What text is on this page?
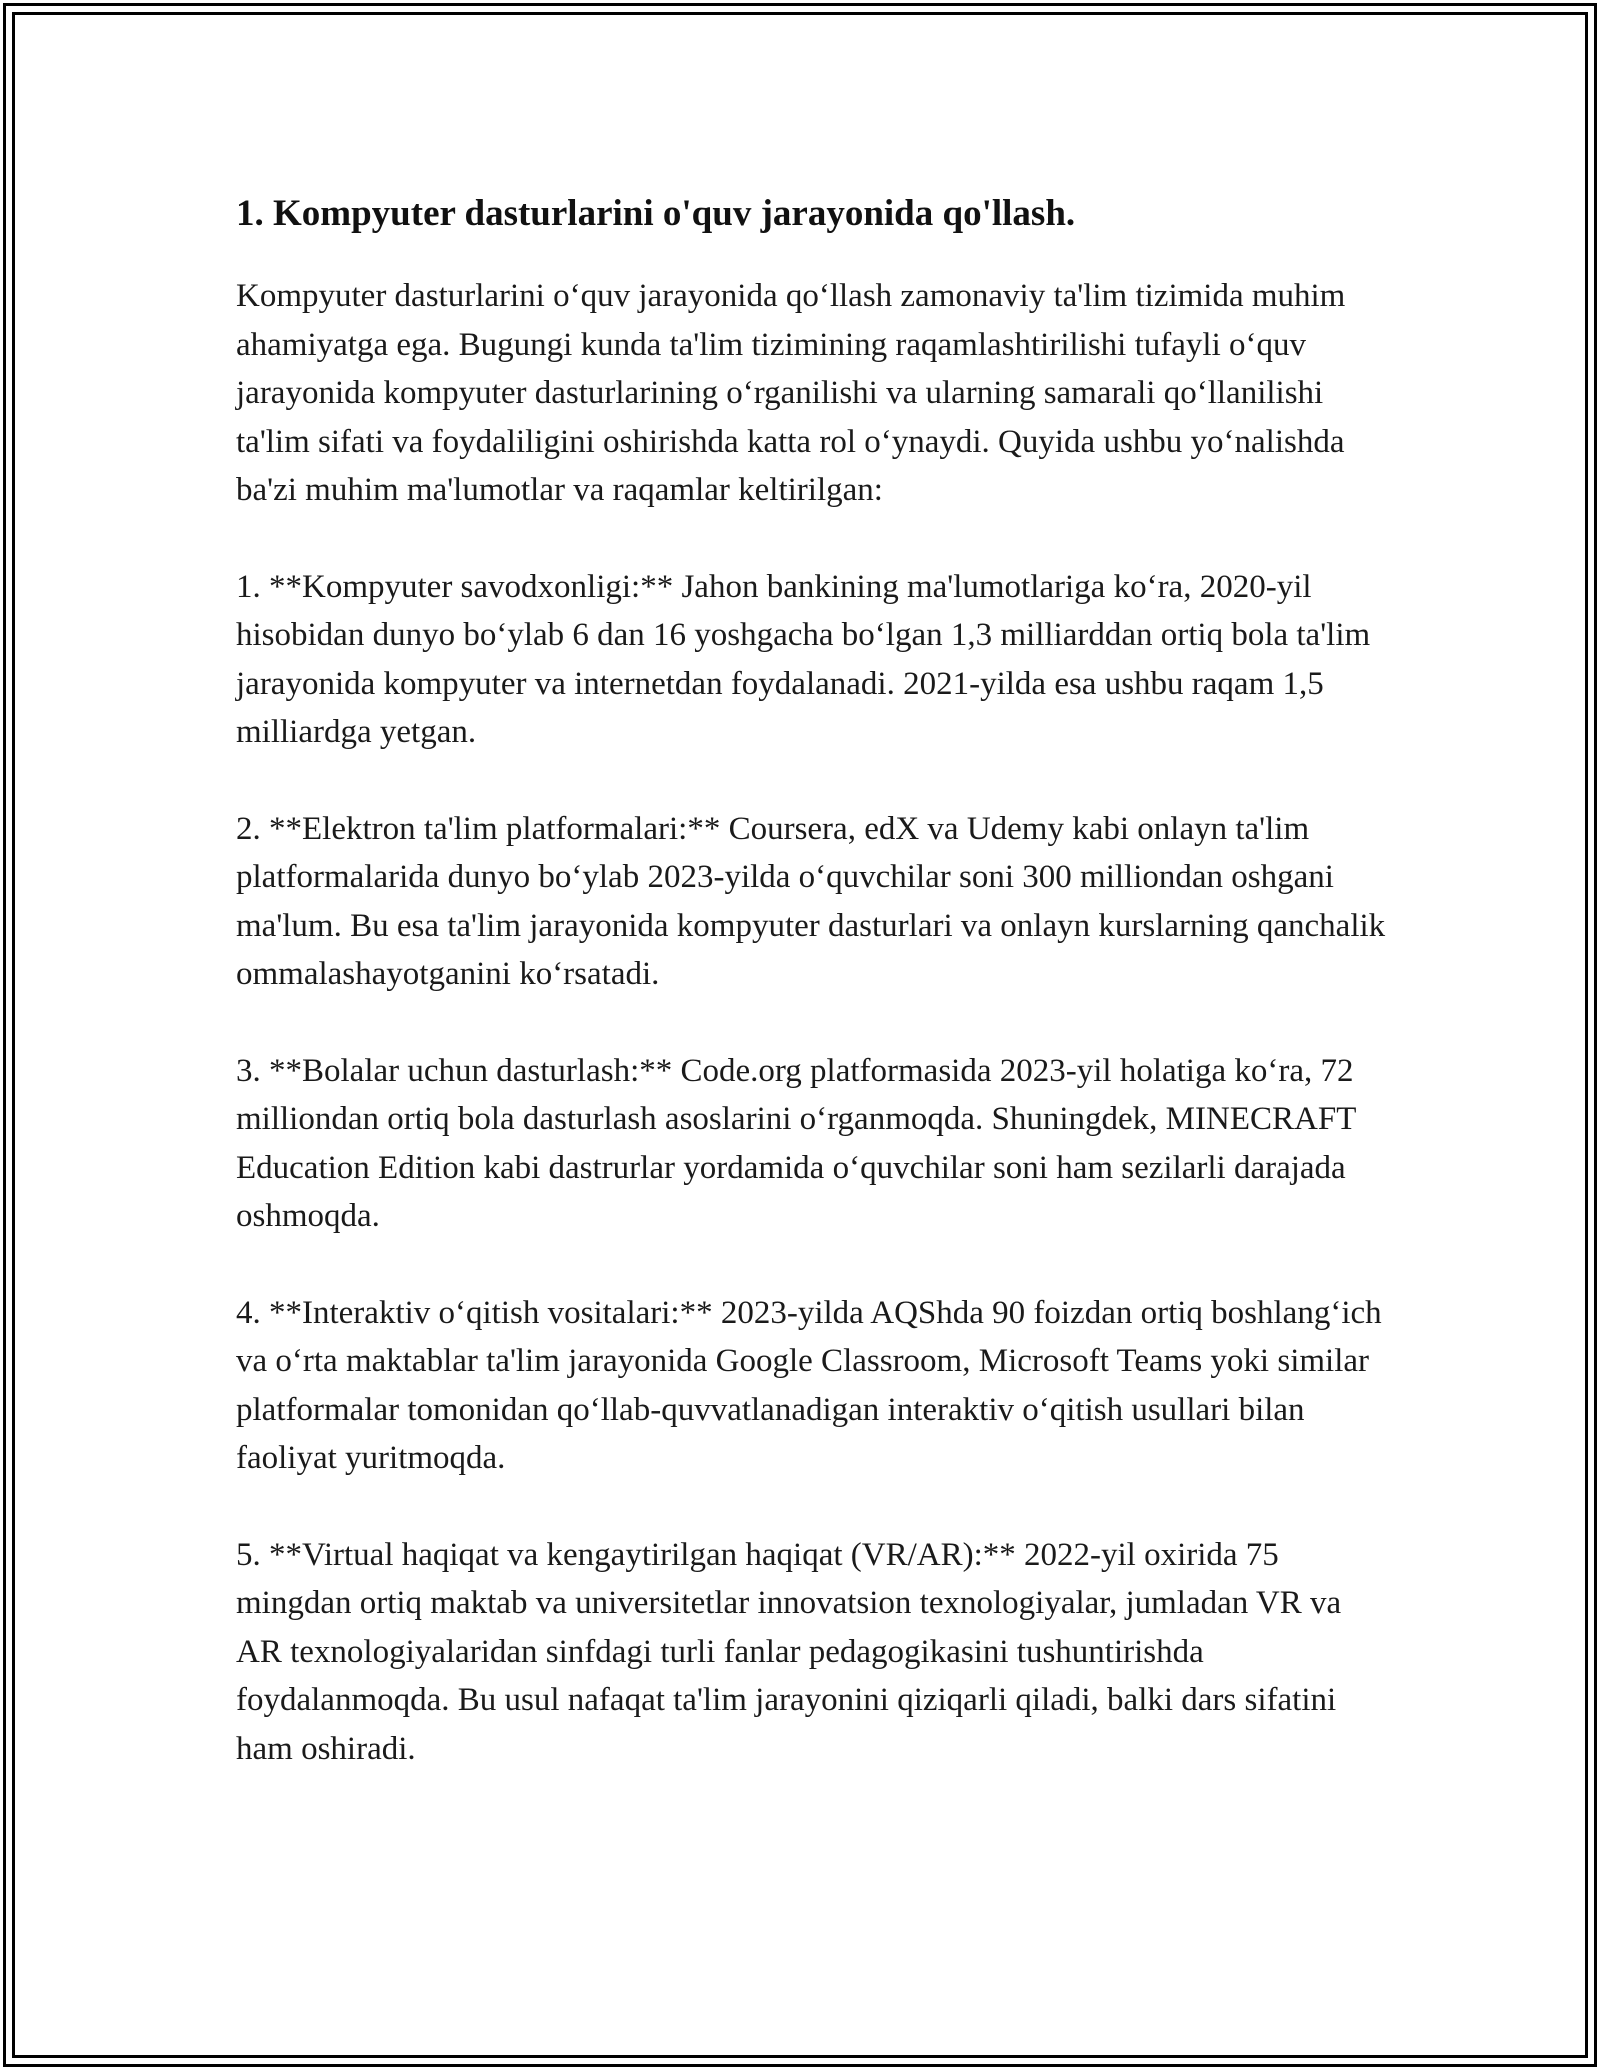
1. Kompyuter dasturlarini o'quv jarayonida qo'llash.

Kompyuter dasturlarini o‘quv jarayonida qo‘llash zamonaviy ta'lim tizimida muhim ahamiyatga ega. Bugungi kunda ta'lim tizimining raqamlashtirilishi tufayli o‘quv jarayonida kompyuter dasturlarining o‘rganilishi va ularning samarali qo‘llanilishi ta'lim sifati va foydaliligini oshirishda katta rol o‘ynaydi. Quyida ushbu yo‘nalishda ba'zi muhim ma'lumotlar va raqamlar keltirilgan:

1. **Kompyuter savodxonligi:** Jahon bankining ma'lumotlariga ko‘ra, 2020-yil hisobidan dunyo bo‘ylab 6 dan 16 yoshgacha bo‘lgan 1,3 milliarddan ortiq bola ta'lim jarayonida kompyuter va internetdan foydalanadi. 2021-yilda esa ushbu raqam 1,5 milliardga yetgan.

2. **Elektron ta'lim platformalari:** Coursera, edX va Udemy kabi onlayn ta'lim platformalarida dunyo bo‘ylab 2023-yilda o‘quvchilar soni 300 milliondan oshgani ma'lum. Bu esa ta'lim jarayonida kompyuter dasturlari va onlayn kurslarning qanchalik ommalashayotganini ko‘rsatadi.

3. **Bolalar uchun dasturlash:** Code.org platformasida 2023-yil holatiga ko‘ra, 72 milliondan ortiq bola dasturlash asoslarini o‘rganmoqda. Shuningdek, MINECRAFT Education Edition kabi dastrurlar yordamida o‘quvchilar soni ham sezilarli darajada oshmoqda.

4. **Interaktiv o‘qitish vositalari:** 2023-yilda AQShda 90 foizdan ortiq boshlang‘ich va o‘rta maktablar ta'lim jarayonida Google Classroom, Microsoft Teams yoki similar platformalar tomonidan qo‘llab-quvvatlanadigan interaktiv o‘qitish usullari bilan faoliyat yuritmoqda.

5. **Virtual haqiqat va kengaytirilgan haqiqat (VR/AR):** 2022-yil oxirida 75 mingdan ortiq maktab va universitetlar innovatsion texnologiyalar, jumladan VR va AR texnologiyalaridan sinfdagi turli fanlar pedagogikasini tushuntirishda foydalanmoqda. Bu usul nafaqat ta'lim jarayonini qiziqarli qiladi, balki dars sifatini ham oshiradi.
